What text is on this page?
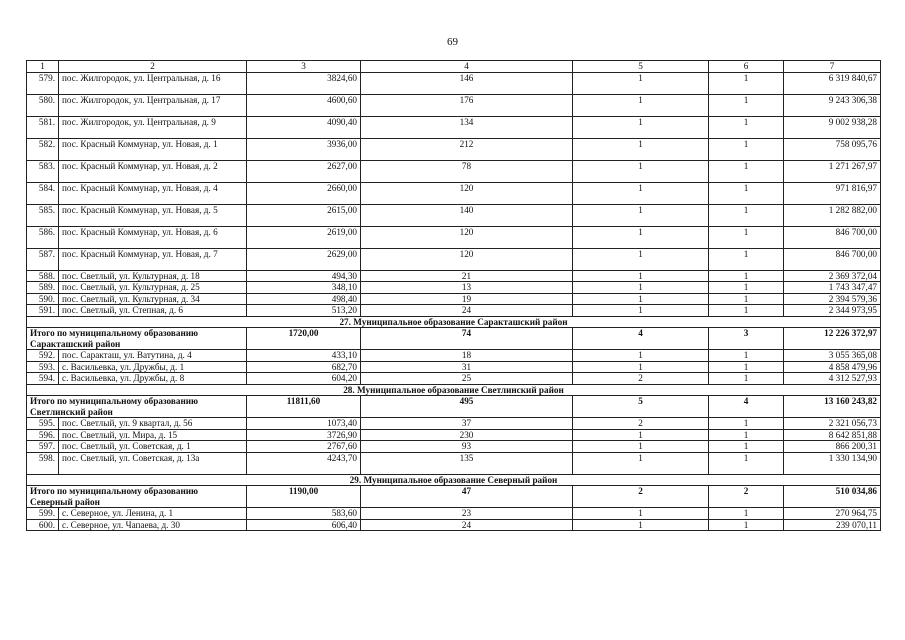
69
1	2	3	4	5	6	7
579.	пос. Жилгородок, ул. Центральная, д. 16	3824,60	146	1	1	6 319 840,67
580.	пос. Жилгородок, ул. Центральная, д. 17	4600,60	176	1	1	9 243 306,38
581.	пос. Жилгородок, ул. Центральная, д. 9	4090,40	134	1	1	9 002 938,28
582.	пос. Красный Коммунар, ул. Новая, д. 1	3936,00	212	1	1	758 095,76
583.	пос. Красный Коммунар, ул. Новая, д. 2	2627,00	78	1	1	1 271 267,97
584.	пос. Красный Коммунар, ул. Новая, д. 4	2660,00	120	1	1	971 816,97
585.	пос. Красный Коммунар, ул. Новая, д. 5	2615,00	140	1	1	1 282 882,00
586.	пос. Красный Коммунар, ул. Новая, д. 6	2619,00	120	1	1	846 700,00
587.	пос. Красный Коммунар, ул. Новая, д. 7	2629,00	120	1	1	846 700,00
588.	пос. Светлый, ул. Культурная, д. 18	494,30	21	1	1	2 369 372,04
589.	пос. Светлый, ул. Культурная, д. 25	348,10	13	1	1	1 743 347,47
590.	пос. Светлый, ул. Культурная, д. 34	498,40	19	1	1	2 394 579,36
591.	пос. Светлый, ул. Степная, д. 6	513,20	24	1	1	2 344 973,95
27. Муниципальное образование Саракташский район						
Итого по муниципальному образованию Саракташский район		1720,00	74	4	3	12 226 372,97
592.	пос. Саракташ, ул. Ватутина, д. 4	433,10	18	1	1	3 055 365,08
593.	с. Васильевка, ул. Дружбы, д. 1	682,70	31	1	1	4 858 479,96
594.	с. Васильевка, ул. Дружбы, д. 8	604,20	25	2	1	4 312 527,93
28. Муниципальное образование Светлинский район						
Итого по муниципальному образованию Светлинский район		11811,60	495	5	4	13 160 243,82
595.	пос. Светлый, ул. 9 квартал, д. 56	1073,40	37	2	1	2 321 056,73
596.	пос. Светлый, ул. Мира, д. 15	3726,90	230	1	1	8 642 851,88
597.	пос. Светлый, ул. Советская, д. 1	2767,60	93	1	1	866 200,31
598.	пос. Светлый, ул. Советская, д. 13а	4243,70	135	1	1	1 330 134,90
29. Муниципальное образование Северный район						
Итого по муниципальному образованию Северный район		1190,00	47	2	2	510 034,86
599.	с. Северное, ул. Ленина, д. 1	583,60	23	1	1	270 964,75
600.	с. Северное, ул. Чапаева, д. 30	606,40	24	1	1	239 070,11
